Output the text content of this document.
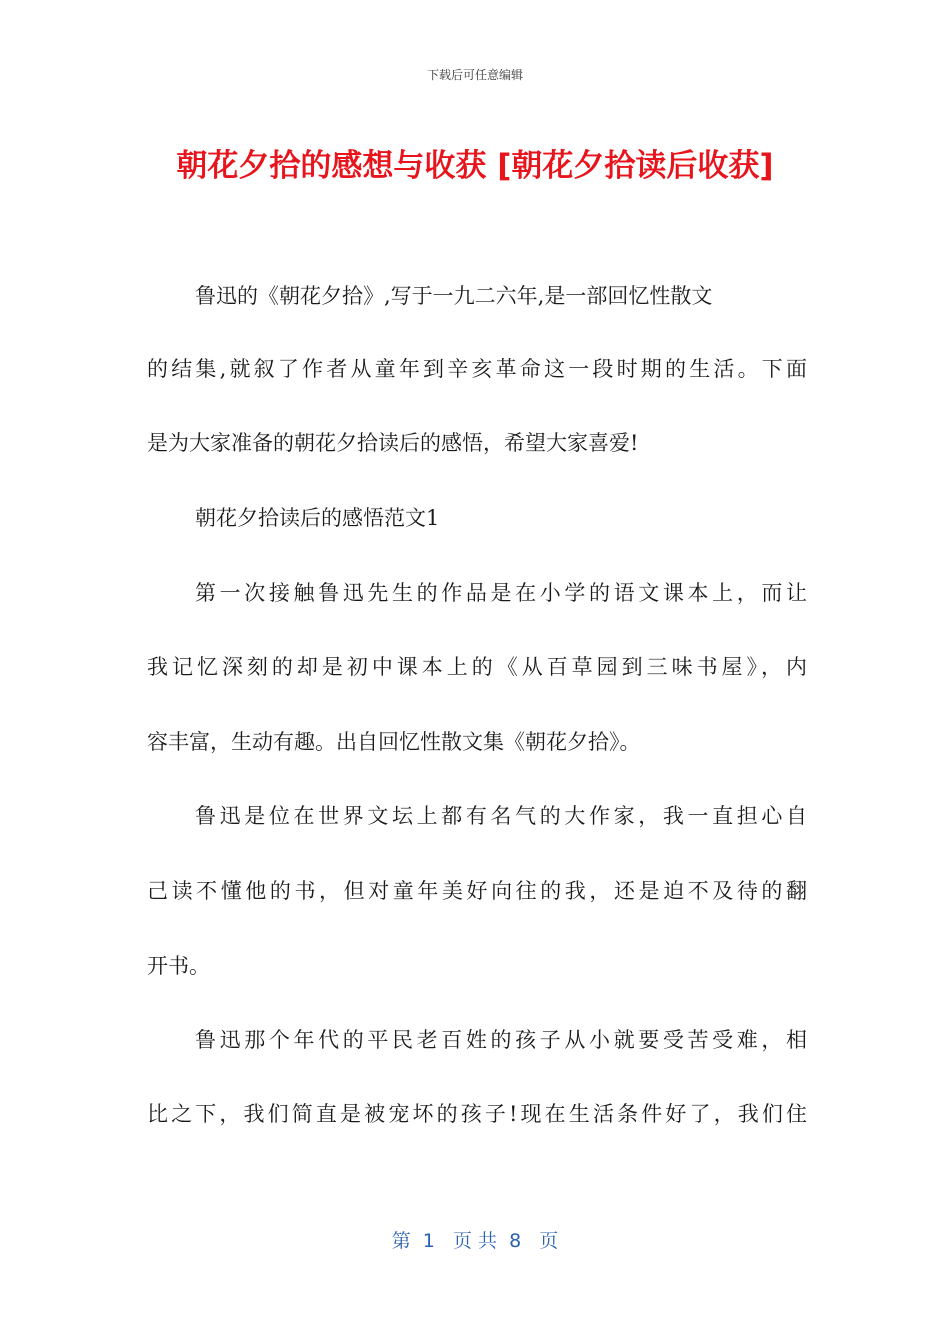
下载后可任意编辑
朝花夕拾的感想与收获 [朝花夕拾读后收获]

鲁迅的《朝花夕拾》,写于一九二六年,是一部回忆性散文

的结集,就叙了作者从童年到辛亥革命这一段时期的生活。下面

是为大家准备的朝花夕拾读后的感悟，希望大家喜爱!

朝花夕拾读后的感悟范文1

第一次接触鲁迅先生的作品是在小学的语文课本上，而让

我记忆深刻的却是初中课本上的《从百草园到三味书屋》，内

容丰富，生动有趣。出自回忆性散文集《朝花夕拾》。

鲁迅是位在世界文坛上都有名气的大作家，我一直担心自

己读不懂他的书，但对童年美好向往的我，还是迫不及待的翻

开书。

鲁迅那个年代的平民老百姓的孩子从小就要受苦受难，相

比之下，我们简直是被宠坏的孩子!现在生活条件好了，我们住

第  1   页 共  8   页
